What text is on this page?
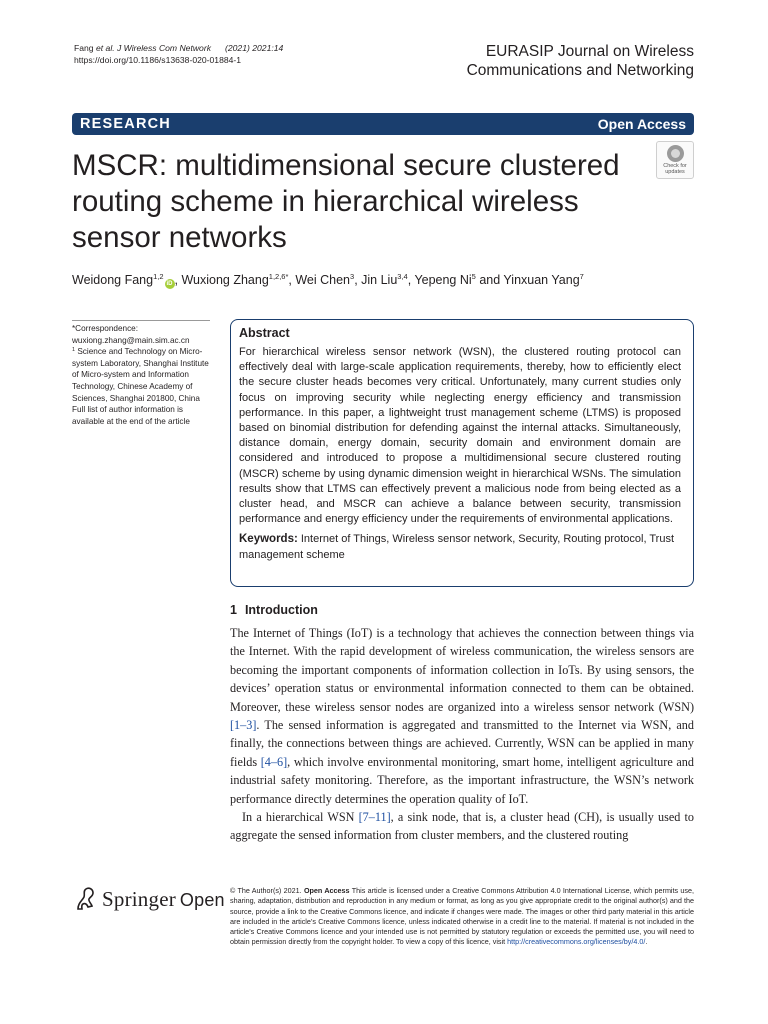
Fang et al. J Wireless Com Network (2021) 2021:14
https://doi.org/10.1186/s13638-020-01884-1	EURASIP Journal on Wireless
Communications and Networking
RESEARCH	Open Access
MSCR: multidimensional secure clustered routing scheme in hierarchical wireless sensor networks
Check for
updates
Weidong Fang$^{1,2}$iD , Wuxiong Zhang$^{1,2,6*}$, Wei Chen$^3$, Jin Liu$^{3,4}$, Yepeng Ni$^5$ and Yinxuan Yang$^7$
*Correspondence:
wuxiong.zhang@main.sim.ac.cn
$^1$ Science and Technology on Micro-system Laboratory, Shanghai Institute of Micro-system and Information Technology, Chinese Academy of Sciences, Shanghai 201800, China
Full list of author information is available at the end of the article
Abstract
For hierarchical wireless sensor network (WSN), the clustered routing protocol can effectively deal with large-scale application requirements, thereby, how to efficiently elect the secure cluster heads becomes very critical. Unfortunately, many current studies only focus on improving security while neglecting energy efficiency and transmission performance. In this paper, a lightweight trust management scheme (LTMS) is proposed based on binomial distribution for defending against the internal attacks. Simultaneously, distance domain, energy domain, security domain and environment domain are considered and introduced to propose a multidimensional secure clustered routing (MSCR) scheme by using dynamic dimension weight in hierarchical WSNs. The simulation results show that LTMS can effectively prevent a malicious node from being elected as a cluster head, and MSCR can achieve a balance between security, transmission performance and energy efficiency under the requirements of environmental applications.
Keywords: Internet of Things, Wireless sensor network, Security, Routing protocol, Trust management scheme
1 Introduction

The Internet of Things (IoT) is a technology that achieves the connection between things via the Internet. With the rapid development of wireless communication, the wireless sensors are becoming the important components of information collection in IoTs. By using sensors, the devices’ operation status or environmental information connected to them can be obtained. Moreover, these wireless sensor nodes are organized into a wireless sensor network (WSN) [1–3]. The sensed information is aggregated and transmitted to the Internet via WSN, and finally, the connections between things are achieved. Currently, WSN can be applied in many fields [4–6], which involve environmental monitoring, smart home, intelligent agriculture and industrial safety monitoring. Therefore, as the important infrastructure, the WSN’s network performance directly determines the operation quality of IoT.

In a hierarchical WSN [7–11], a sink node, that is, a cluster head (CH), is usually used to aggregate the sensed information from cluster members, and the clustered routing

Springer Open © The Author(s) 2021. Open Access This article is licensed under a Creative Commons Attribution 4.0 International License, which permits use, sharing, adaptation, distribution and reproduction in any medium or format, as long as you give appropriate credit to the original author(s) and the source, provide a link to the Creative Commons licence, and indicate if changes were made. The images or other third party material in this article are included in the article’s Creative Commons licence, unless indicated otherwise in a credit line to the material. If material is not included in the article’s Creative Commons licence and your intended use is not permitted by statutory regulation or exceeds the permitted use, you will need to obtain permission directly from the copyright holder. To view a copy of this licence, visit http://creativecommons.org/licenses/by/4.0/.
